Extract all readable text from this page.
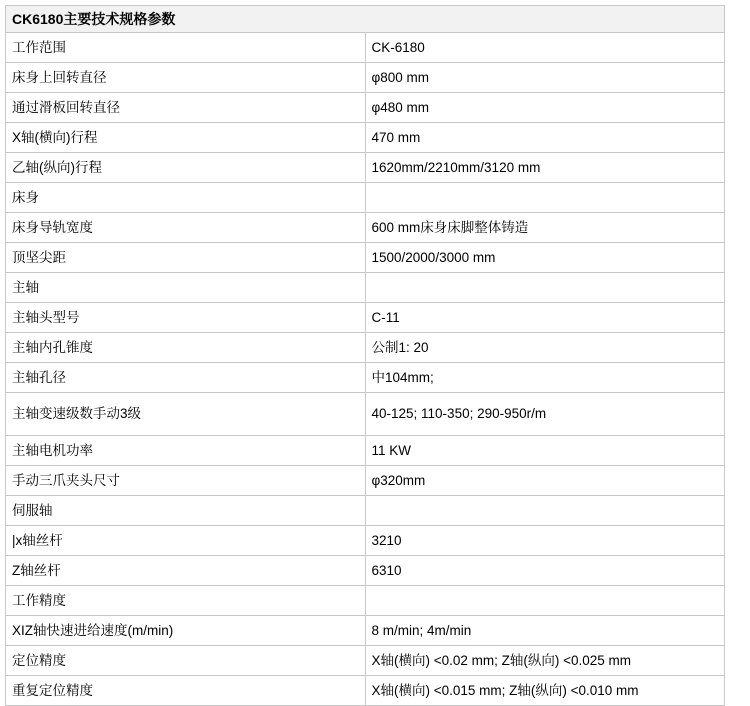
CK6180主要技术规格参数	
工作范围	CK-6180
床身上回转直径	φ800 mm
通过滑板回转直径	φ480 mm
X轴(横向)行程	470 mm
乙轴(纵向)行程	1620mm/2210mm/3120 mm
床身	
床身导轨宽度	600 mm床身床脚整体铸造
顶坚尖距	1500/2000/3000 mm
主轴	
主轴头型号	C-11
主轴内孔锥度	公制1: 20
主轴孔径	中104mm;
主轴变速级数手动3级	40-125; 110-350; 290-950r/m
主轴电机功率	11 KW
手动三爪夹头尺寸	φ320mm
伺服轴	
|x轴丝杆	3210
Z轴丝杆	6310
工作精度	
XIZ轴快速进给速度(m/min)	8 m/min; 4m/min
定位精度	X轴(横向) <0.02 mm; Z轴(纵向) <0.025 mm
重复定位精度	X轴(横向) <0.015 mm; Z轴(纵向) <0.010 mm
